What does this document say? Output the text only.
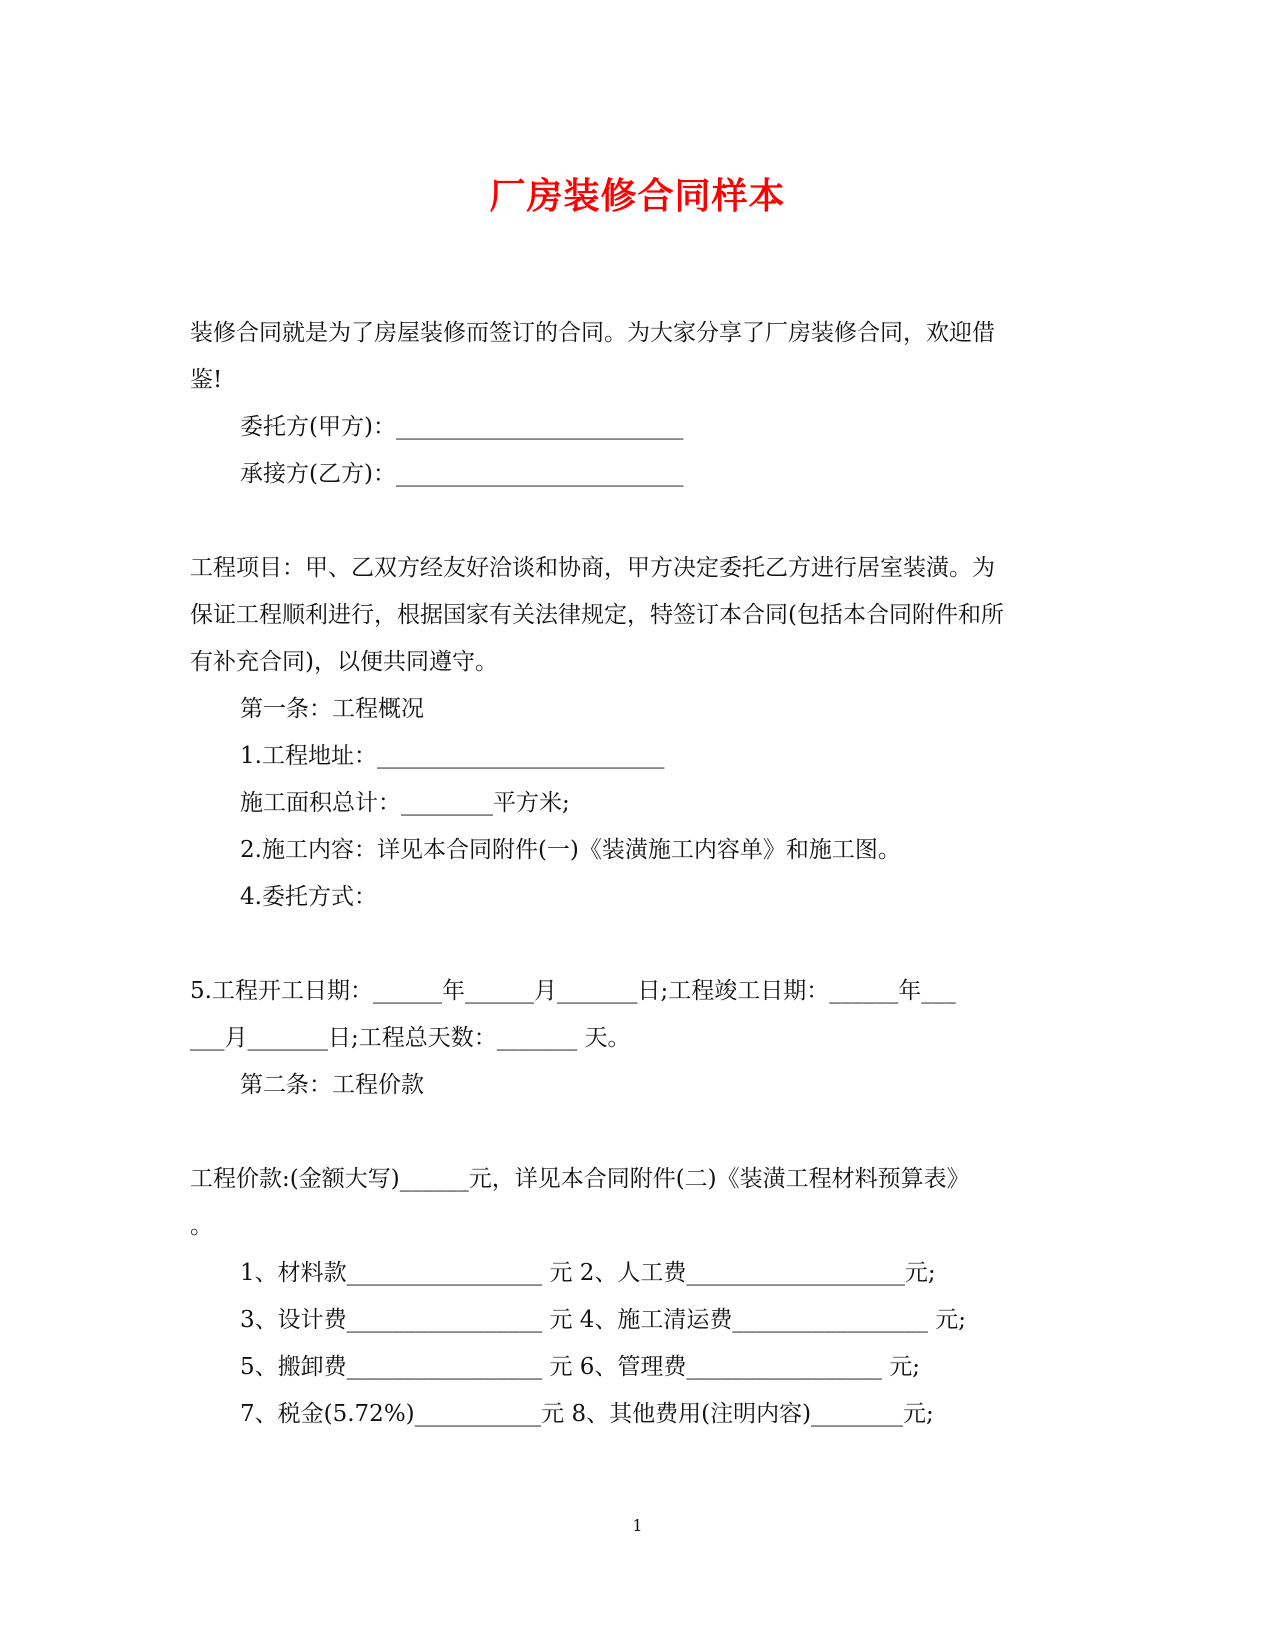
厂房装修合同样本
装修合同就是为了房屋装修而签订的合同。为大家分享了厂房装修合同，欢迎借
鉴!
委托方(甲方)：_________________________
承接方(乙方)：_________________________
工程项目：甲、乙双方经友好洽谈和协商，甲方决定委托乙方进行居室装潢。为
保证工程顺利进行，根据国家有关法律规定，特签订本合同(包括本合同附件和所
有补充合同)，以便共同遵守。
第一条：工程概况
1.工程地址：_________________________
施工面积总计：________平方米;
2.施工内容：详见本合同附件(一)《装潢施工内容单》和施工图。
4.委托方式：
5.工程开工日期：______年______月_______日;工程竣工日期：______年___
___月_______日;工程总天数：_______ 天。
第二条：工程价款
工程价款:(金额大写)______元，详见本合同附件(二)《装潢工程材料预算表》
。
1、材料款_________________ 元 2、人工费___________________元;
3、设计费_________________ 元 4、施工清运费_________________ 元;
5、搬卸费_________________ 元 6、管理费_________________ 元;
7、税金(5.72%)___________元 8、其他费用(注明内容)________元;
1
